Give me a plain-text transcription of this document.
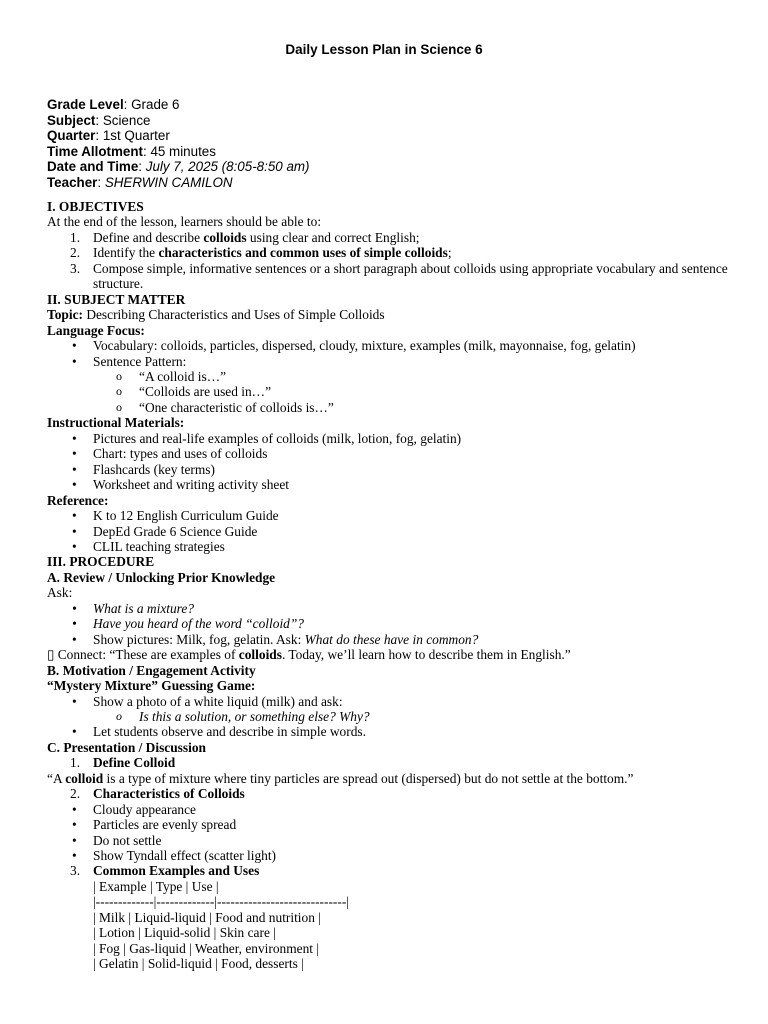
Daily Lesson Plan in Science 6
Grade Level: Grade 6
Subject: Science
Quarter: 1st Quarter
Time Allotment: 45 minutes
Date and Time: July 7, 2025 (8:05-8:50 am)
Teacher: SHERWIN CAMILON

I. OBJECTIVES

At the end of the lesson, learners should be able to:

1. Define and describe colloids using clear and correct English;
2. Identify the characteristics and common uses of simple colloids;
3. Compose simple, informative sentences or a short paragraph about colloids using appropriate vocabulary and sentence structure.

II. SUBJECT MATTER

Topic: Describing Characteristics and Uses of Simple Colloids

Language Focus:

• Vocabulary: colloids, particles, dispersed, cloudy, mixture, examples (milk, mayonnaise, fog, gelatin)
• Sentence Pattern:
o “A colloid is…”
o “Colloids are used in…”
o “One characteristic of colloids is…”

Instructional Materials:

• Pictures and real-life examples of colloids (milk, lotion, fog, gelatin)
• Chart: types and uses of colloids
• Flashcards (key terms)
• Worksheet and writing activity sheet

Reference:

• K to 12 English Curriculum Guide
• DepEd Grade 6 Science Guide
• CLIL teaching strategies

III. PROCEDURE

A. Review / Unlocking Prior Knowledge

Ask:

• What is a mixture?
• Have you heard of the word “colloid”?
• Show pictures: Milk, fog, gelatin. Ask: What do these have in common?

▯ Connect: “These are examples of colloids. Today, we’ll learn how to describe them in English.”

B. Motivation / Engagement Activity

“Mystery Mixture” Guessing Game:

• Show a photo of a white liquid (milk) and ask:
o Is this a solution, or something else? Why?
• Let students observe and describe in simple words.

C. Presentation / Discussion

1. Define Colloid

“A colloid is a type of mixture where tiny particles are spread out (dispersed) but do not settle at the bottom.”

2. Characteristics of Colloids
• Cloudy appearance
• Particles are evenly spread
• Do not settle
• Show Tyndall effect (scatter light)
3. Common Examples and Uses
| Example | Type | Use |
|-------------|-------------|-----------------------------|
| Milk | Liquid-liquid | Food and nutrition |
| Lotion | Liquid-solid | Skin care |
| Fog | Gas-liquid | Weather, environment |
| Gelatin | Solid-liquid | Food, desserts |
